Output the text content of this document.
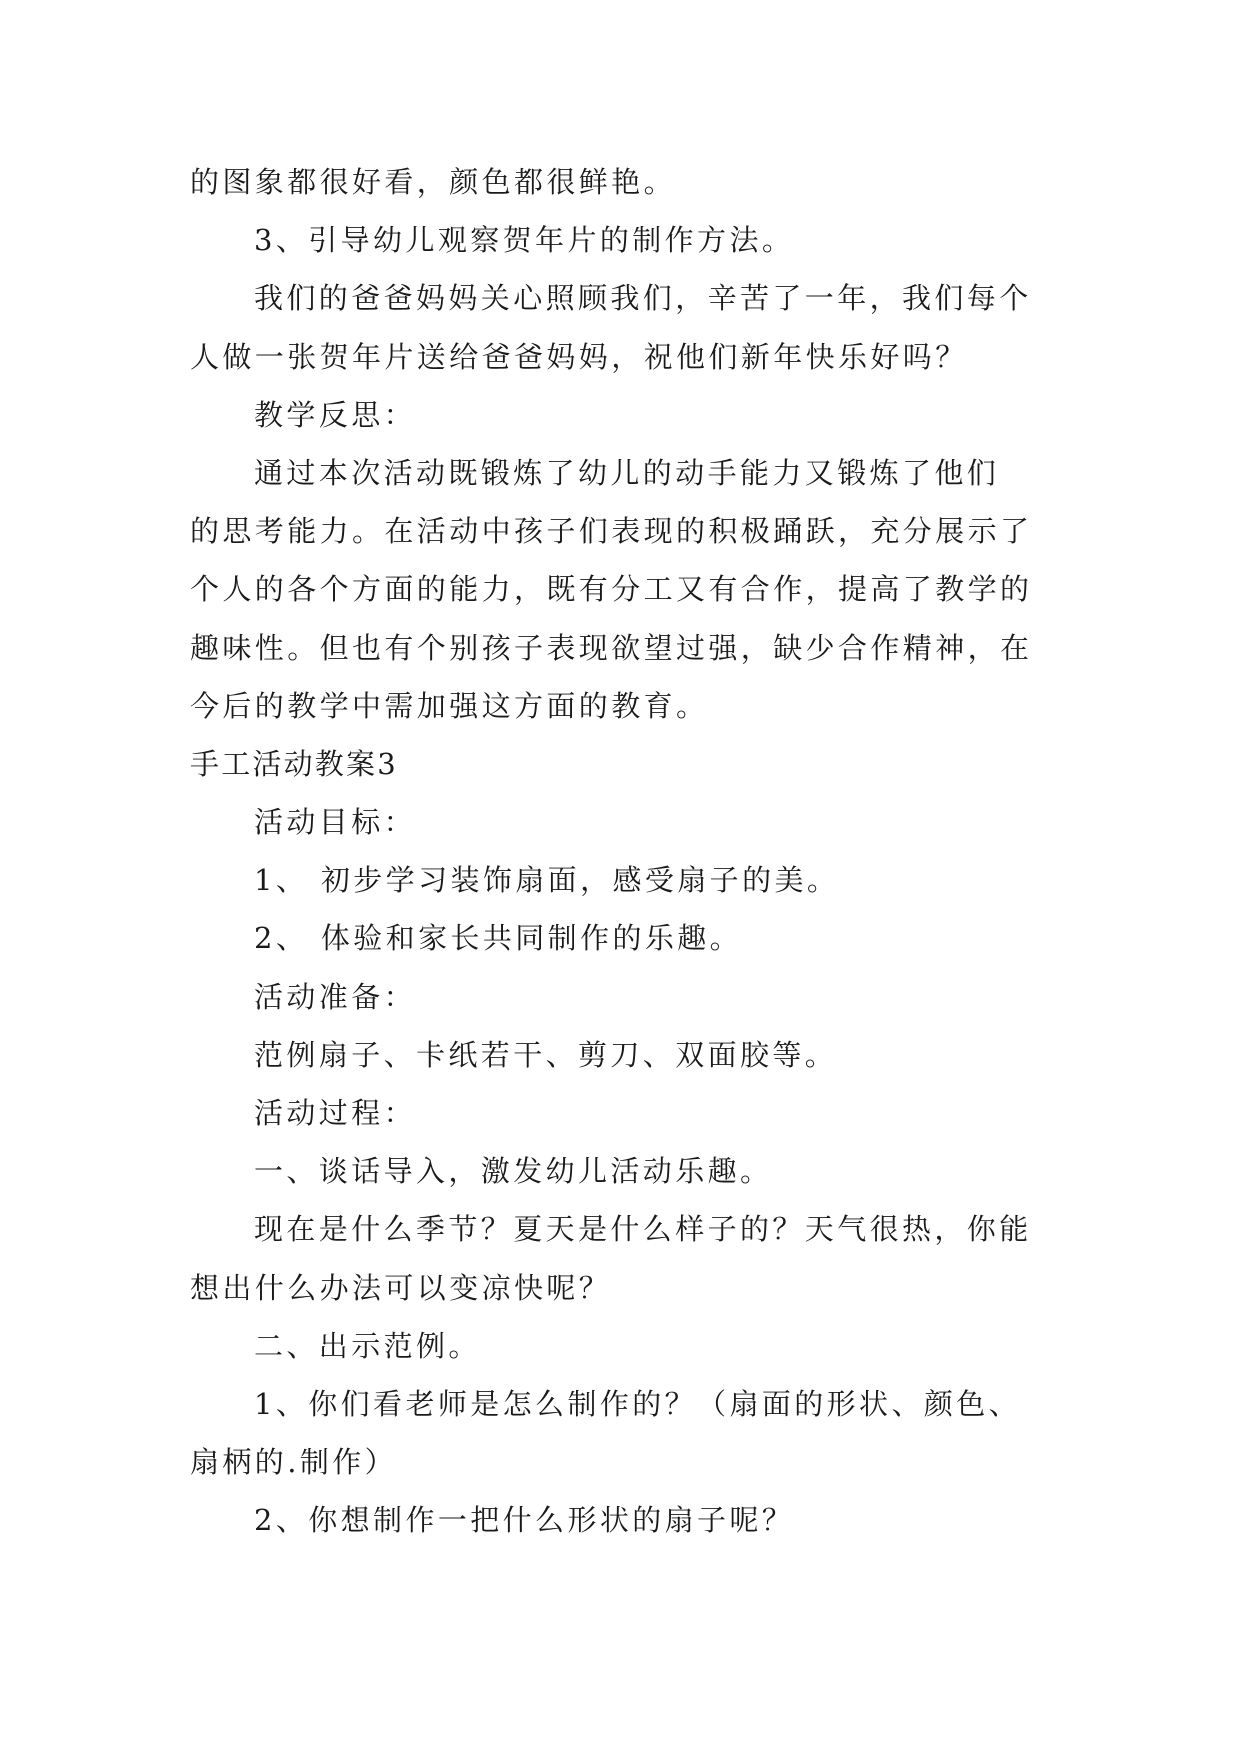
的图象都很好看，颜色都很鲜艳。
3、引导幼儿观察贺年片的制作方法。
我们的爸爸妈妈关心照顾我们，辛苦了一年，我们每个
人做一张贺年片送给爸爸妈妈，祝他们新年快乐好吗？
教学反思：
通过本次活动既锻炼了幼儿的动手能力又锻炼了他们
的思考能力。在活动中孩子们表现的积极踊跃，充分展示了
个人的各个方面的能力，既有分工又有合作，提高了教学的
趣味性。但也有个别孩子表现欲望过强，缺少合作精神，在
今后的教学中需加强这方面的教育。
手工活动教案3
活动目标：
1、 初步学习装饰扇面，感受扇子的美。
2、 体验和家长共同制作的乐趣。
活动准备：
范例扇子、卡纸若干、剪刀、双面胶等。
活动过程：
一、谈话导入，激发幼儿活动乐趣。
现在是什么季节？夏天是什么样子的？天气很热，你能
想出什么办法可以变凉快呢？
二、出示范例。
1、你们看老师是怎么制作的？（扇面的形状、颜色、
扇柄的.制作）
2、你想制作一把什么形状的扇子呢？
